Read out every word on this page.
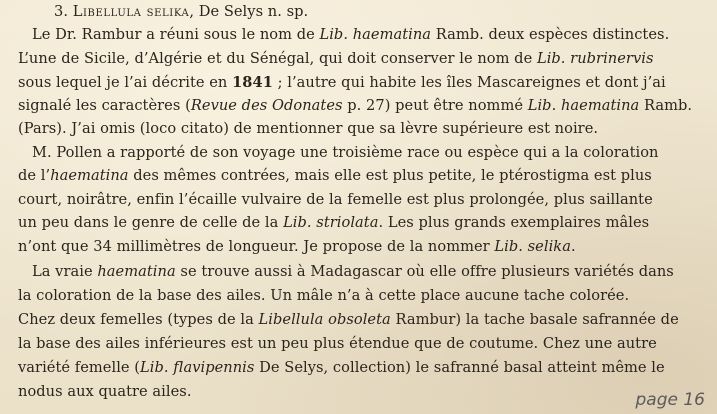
3. Libellula selika, De Selys n. sp.
Le Dr. Rambur a réuni sous le nom de Lib. haematina Ramb. deux espèces distinctes.
L’une de Sicile, d’Algérie et du Sénégal, qui doit conserver le nom de Lib. rubrinervis
sous lequel je l’ai décrite en 1841 ; l’autre qui habite les îles Mascareignes et dont j’ai
signalé les caractères (Revue des Odonates p. 27) peut être nommé Lib. haematina Ramb.
(Pars). J’ai omis (loco citato) de mentionner que sa lèvre supérieure est noire.
M. Pollen a rapporté de son voyage une troisième race ou espèce qui a la coloration
de l’haematina des mêmes contrées, mais elle est plus petite, le ptérostigma est plus
court, noirâtre, enfin l’écaille vulvaire de la femelle est plus prolongée, plus saillante
un peu dans le genre de celle de la Lib. striolata. Les plus grands exemplaires mâles
n’ont que 34 millimètres de longueur. Je propose de la nommer Lib. selika.
La vraie haematina se trouve aussi à Madagascar où elle offre plusieurs variétés dans
la coloration de la base des ailes. Un mâle n’a à cette place aucune tache colorée.
Chez deux femelles (types de la Libellula obsoleta Rambur) la tache basale safrannée de
la base des ailes inférieures est un peu plus étendue que de coutume. Chez une autre
variété femelle (Lib. flavipennis De Selys, collection) le safranné basal atteint même le
nodus aux quatre ailes.	page 16
